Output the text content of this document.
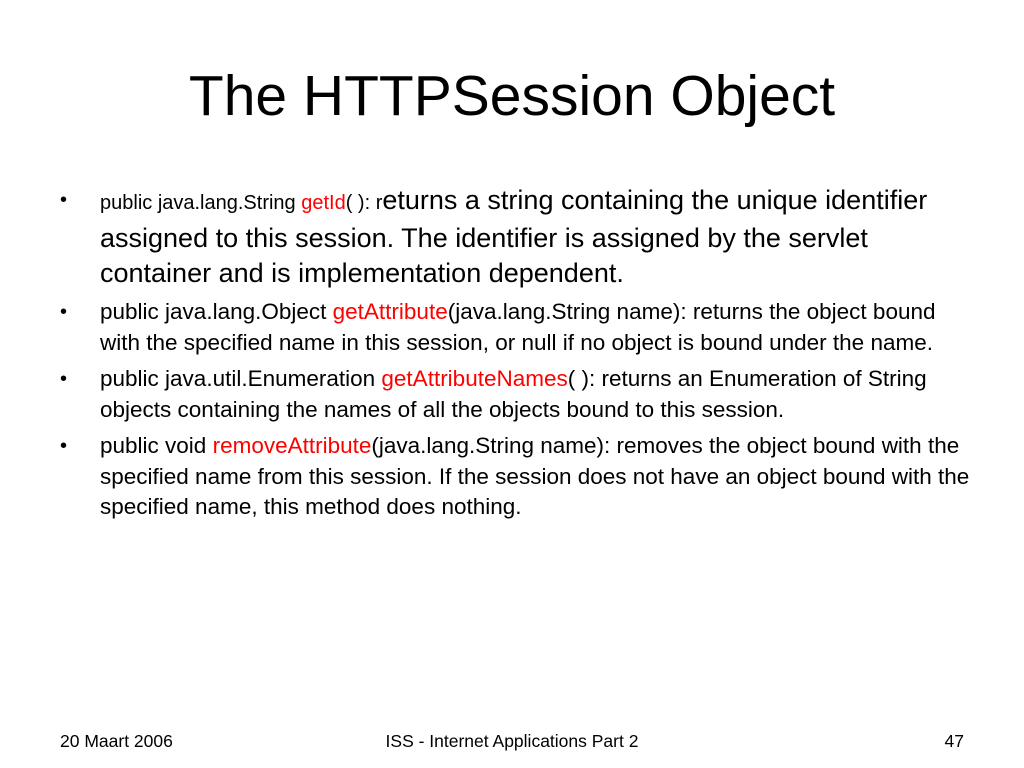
The HTTPSession Object
• public java.lang.String getId( ): returns a string containing the unique identifier assigned to this session. The identifier is assigned by the servlet container and is implementation dependent.
• public java.lang.Object getAttribute(java.lang.String name): returns the object bound with the specified name in this session, or null if no object is bound under the name.
• public java.util.Enumeration getAttributeNames( ): returns an Enumeration of String objects containing the names of all the objects bound to this session.
• public void removeAttribute(java.lang.String name): removes the object bound with the specified name from this session. If the session does not have an object bound with the specified name, this method does nothing.
20 Maart 2006	ISS - Internet Applications Part 2	47
